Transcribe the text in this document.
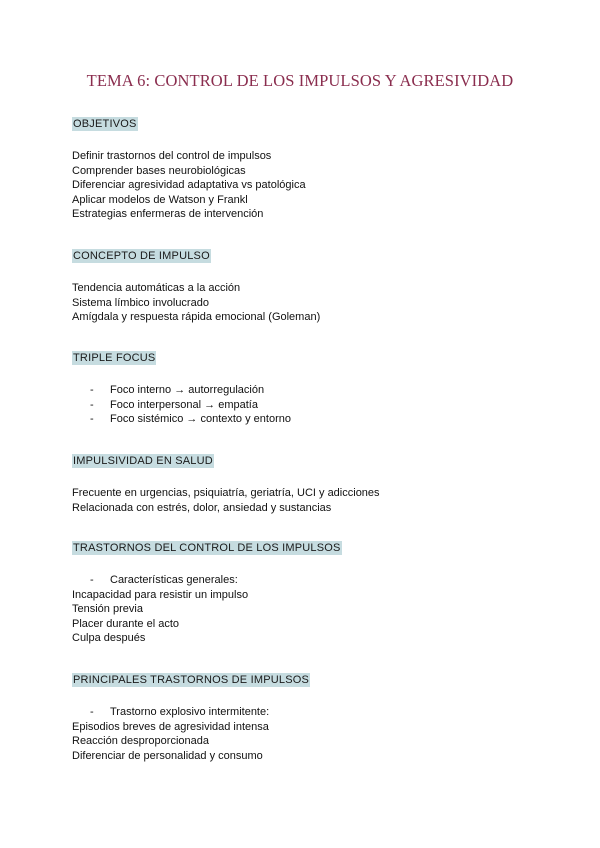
TEMA 6: CONTROL DE LOS IMPULSOS Y AGRESIVIDAD
OBJETIVOS
Definir trastornos del control de impulsos
Comprender bases neurobiológicas
Diferenciar agresividad adaptativa vs patológica
Aplicar modelos de Watson y Frankl
Estrategias enfermeras de intervención
CONCEPTO DE IMPULSO
Tendencia automáticas a la acción
Sistema límbico involucrado
Amígdala y respuesta rápida emocional (Goleman)
TRIPLE FOCUS
- Foco interno → autorregulación
- Foco interpersonal → empatía
- Foco sistémico → contexto y entorno
IMPULSIVIDAD EN SALUD
Frecuente en urgencias, psiquiatría, geriatría, UCI y adicciones
Relacionada con estrés, dolor, ansiedad y sustancias
TRASTORNOS DEL CONTROL DE LOS IMPULSOS
- Características generales:
Incapacidad para resistir un impulso
Tensión previa
Placer durante el acto
Culpa después
PRINCIPALES TRASTORNOS DE IMPULSOS
- Trastorno explosivo intermitente:
Episodios breves de agresividad intensa
Reacción desproporcionada
Diferenciar de personalidad y consumo
